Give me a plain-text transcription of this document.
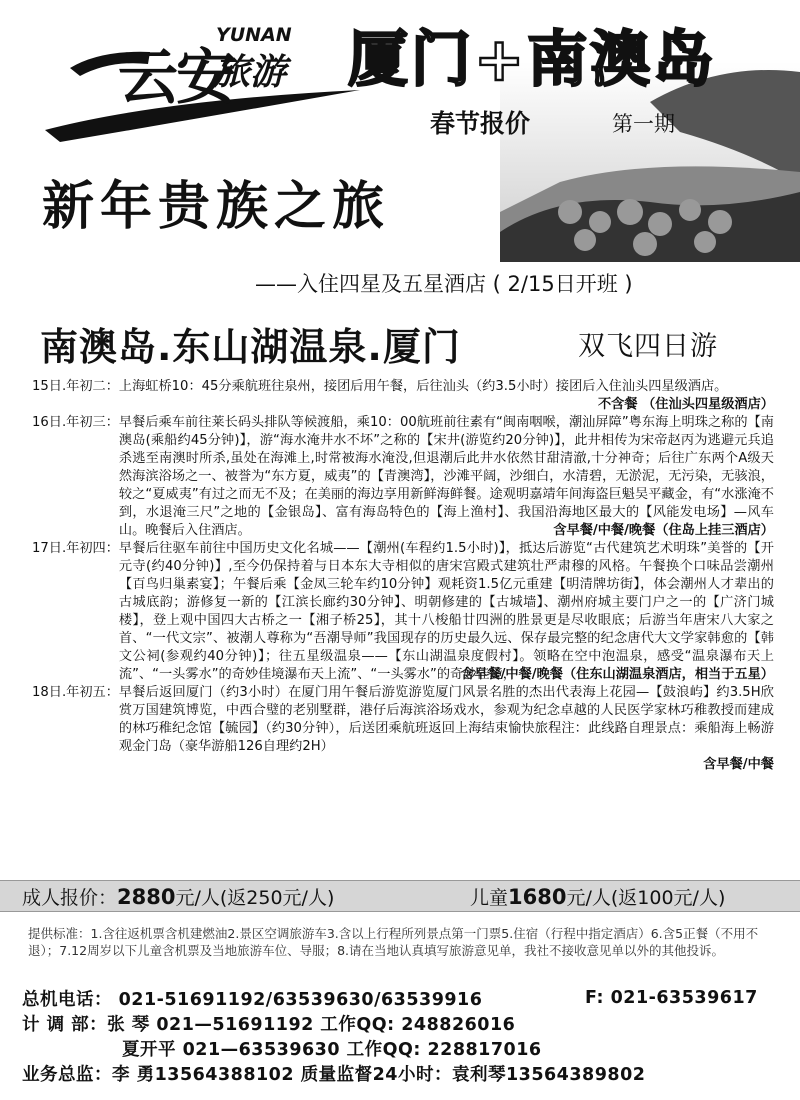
云安
YUNAN
旅游 厦门+南澳岛
春节报价	第一期
新年贵族之旅
——入住四星及五星酒店 ( 2/15日开班 )
南澳岛.东山湖温泉.厦门	双飞四日游
15日.年初二： 上海虹桥10：45分乘航班往泉州，接团后用午餐，后往汕头（约3.5小时）接团后入住汕头四星级酒店。
不含餐 （住汕头四星级酒店）
16日.年初三： 早餐后乘车前往莱长码头排队等候渡船，乘10：00航班前往素有“闽南咽喉，潮汕屏障”粤东海上明珠之称的【南澳岛(乘船约45分钟)】，游“海水淹井水不坏”之称的【宋井(游览约20分钟)】，此井相传为宋帝赵丙为逃避元兵追杀逃至南澳时所杀,虽处在海滩上,时常被海水淹没,但退潮后此井水依然甘甜清澈,十分神奇；后往广东两个A级天然海滨浴场之一、被誉为“东方夏，威夷”的【青澳湾】，沙滩平阔，沙细白，水清碧，无淤泥，无污染，无骇浪，较之“夏威夷”有过之而无不及；在美丽的海边享用新鲜海鲜餐。途观明嘉靖年间海盗巨魁吴平藏金，有“水涨淹不到，水退淹三尺”之地的【金银岛】、富有海岛特色的【海上渔村】、我国沿海地区最大的【风能发电场】—风车山。晚餐后入住酒店。	含早餐/中餐/晚餐（住岛上挂三酒店）
17日.年初四： 早餐后往驱车前往中国历史文化名城——【潮州(车程约1.5小时)】，抵达后游览“古代建筑艺术明珠”美誉的【开元寺(约40分钟)】,至今仍保持着与日本东大寺相似的唐宋宫殿式建筑壮严肃穆的风格。午餐换个口味品尝潮州【百鸟归巢素宴】；午餐后乘【金凤三轮车约10分钟】观耗资1.5亿元重建【明清牌坊街】，体会潮州人才辈出的古城底韵；游修复一新的【江滨长廊约30分钟】、明朝修建的【古城墙】、潮州府城主要门户之一的【广济门城楼】，登上观中国四大古桥之一【湘子桥25】，其十八梭船廿四洲的胜景更是尽收眼底；后游当年唐宋八大家之首、“一代文宗”、被潮人尊称为“吾潮导师”我国现存的历史最久远、保存最完整的纪念唐代大文学家韩愈的【韩文公祠(参观约40分钟)】；往五星级温泉——【东山湖温泉度假村】。领略在空中泡温泉，感受“温泉瀑布天上流”、“一头雾水”的奇妙佳境瀑布天上流”、“一头雾水”的奇妙佳境，
含早餐/中餐/晚餐（住东山湖温泉酒店，相当于五星）
18日.年初五： 早餐后返回厦门（约3小时）在厦门用午餐后游览游览厦门风景名胜的杰出代表海上花园—【鼓浪屿】约3.5H欣赏万国建筑博览，中西合璧的老别墅群，港仔后海滨浴场戏水，参观为纪念卓越的人民医学家林巧稚教授而建成的林巧稚纪念馆【毓园】（约30分钟），后送团乘航班返回上海结束愉快旅程注：此线路自理景点：乘船海上畅游观金门岛（豪华游船126自理约2H）
含早餐/中餐
成人报价：2880元/人(返250元/人)	儿童1680元/人(返100元/人)
提供标准：1.含往返机票含机建燃油2.景区空调旅游车3.含以上行程所列景点第一门票5.住宿（行程中指定酒店）6.含5正餐（不用不退）；7.12周岁以下儿童含机票及当地旅游车位、导服；8.请在当地认真填写旅游意见单，我社不接收意见单以外的其他投诉。
总机电话： 021-51691192/63539630/63539916
计 调 部：张 琴 021—51691192 工作QQ: 248826016
夏开平 021—63539630 工作QQ: 228817016
业务总监：李 勇13564388102 质量监督24小时：袁利琴13564389802
F: 021-63539617
